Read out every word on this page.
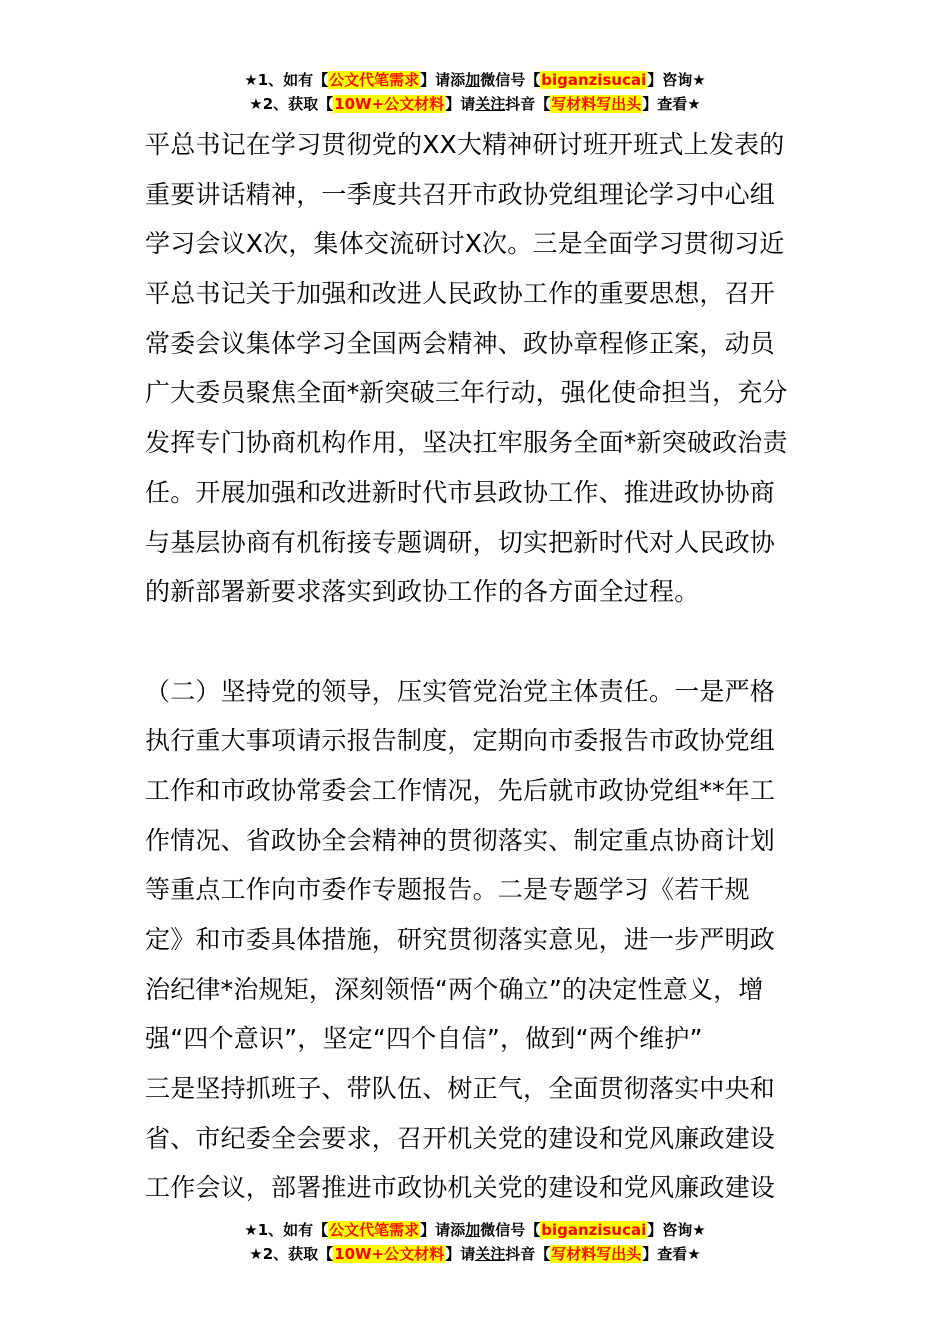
★1、如有【公文代笔需求】请添加微信号【biganzisucai】咨询★
★2、获取【10W+公文材料】请关注抖音【写材料写出头】查看★
平总书记在学习贯彻党的XX大精神研讨班开班式上发表的
重要讲话精神，一季度共召开市政协党组理论学习中心组
学习会议X次，集体交流研讨X次。三是全面学习贯彻习近
平总书记关于加强和改进人民政协工作的重要思想，召开
常委会议集体学习全国两会精神、政协章程修正案，动员
广大委员聚焦全面*新突破三年行动，强化使命担当，充分
发挥专门协商机构作用，坚决扛牢服务全面*新突破政治责
任。开展加强和改进新时代市县政协工作、推进政协协商
与基层协商有机衔接专题调研，切实把新时代对人民政协
的新部署新要求落实到政协工作的各方面全过程。
（二）坚持党的领导，压实管党治党主体责任。一是严格
执行重大事项请示报告制度，定期向市委报告市政协党组
工作和市政协常委会工作情况，先后就市政协党组**年工
作情况、省政协全会精神的贯彻落实、制定重点协商计划
等重点工作向市委作专题报告。二是专题学习《若干规
定》和市委具体措施，研究贯彻落实意见，进一步严明政
治纪律*治规矩，深刻领悟“两个确立”的决定性意义，增
强“四个意识”，坚定“四个自信”，做到“两个维护”
三是坚持抓班子、带队伍、树正气，全面贯彻落实中央和
省、市纪委全会要求，召开机关党的建设和党风廉政建设
工作会议，部署推进市政协机关党的建设和党风廉政建设
★1、如有【公文代笔需求】请添加微信号【biganzisucai】咨询★
★2、获取【10W+公文材料】请关注抖音【写材料写出头】查看★
